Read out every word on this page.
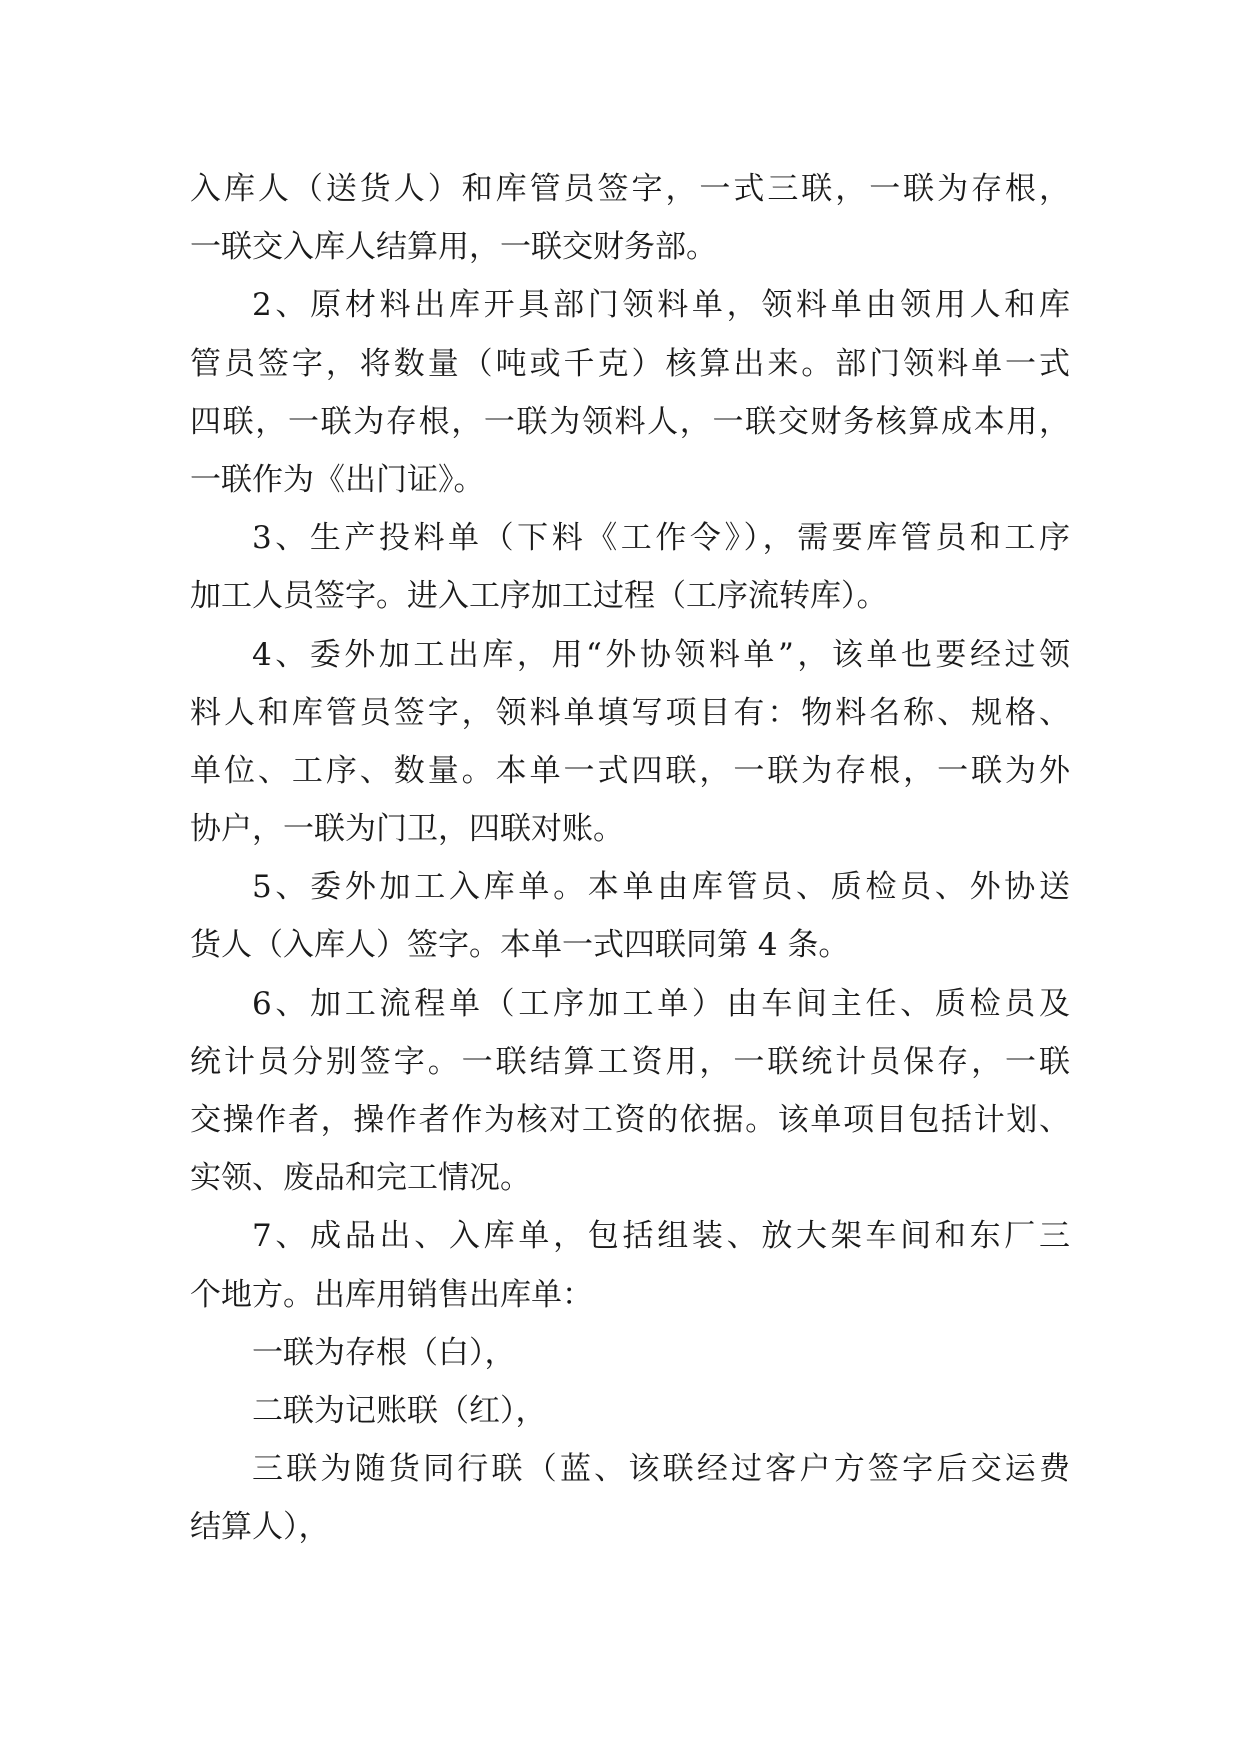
入库人（送货人）和库管员签字，一式三联，一联为存根，
一联交入库人结算用，一联交财务部。
2、原材料出库开具部门领料单，领料单由领用人和库
管员签字，将数量（吨或千克）核算出来。部门领料单一式
四联，一联为存根，一联为领料人，一联交财务核算成本用，
一联作为《出门证》。
3、生产投料单（下料《工作令》），需要库管员和工序
加工人员签字。进入工序加工过程（工序流转库）。
4、委外加工出库，用“外协领料单”，该单也要经过领
料人和库管员签字，领料单填写项目有：物料名称、规格、
单位、工序、数量。本单一式四联，一联为存根，一联为外
协户，一联为门卫，四联对账。
5、委外加工入库单。本单由库管员、质检员、外协送
货人（入库人）签字。本单一式四联同第 4 条。
6、加工流程单（工序加工单）由车间主任、质检员及
统计员分别签字。一联结算工资用，一联统计员保存，一联
交操作者，操作者作为核对工资的依据。该单项目包括计划、
实领、废品和完工情况。
7、成品出、入库单，包括组装、放大架车间和东厂三
个地方。出库用销售出库单：
一联为存根（白），
二联为记账联（红），
三联为随货同行联（蓝、该联经过客户方签字后交运费
结算人），
